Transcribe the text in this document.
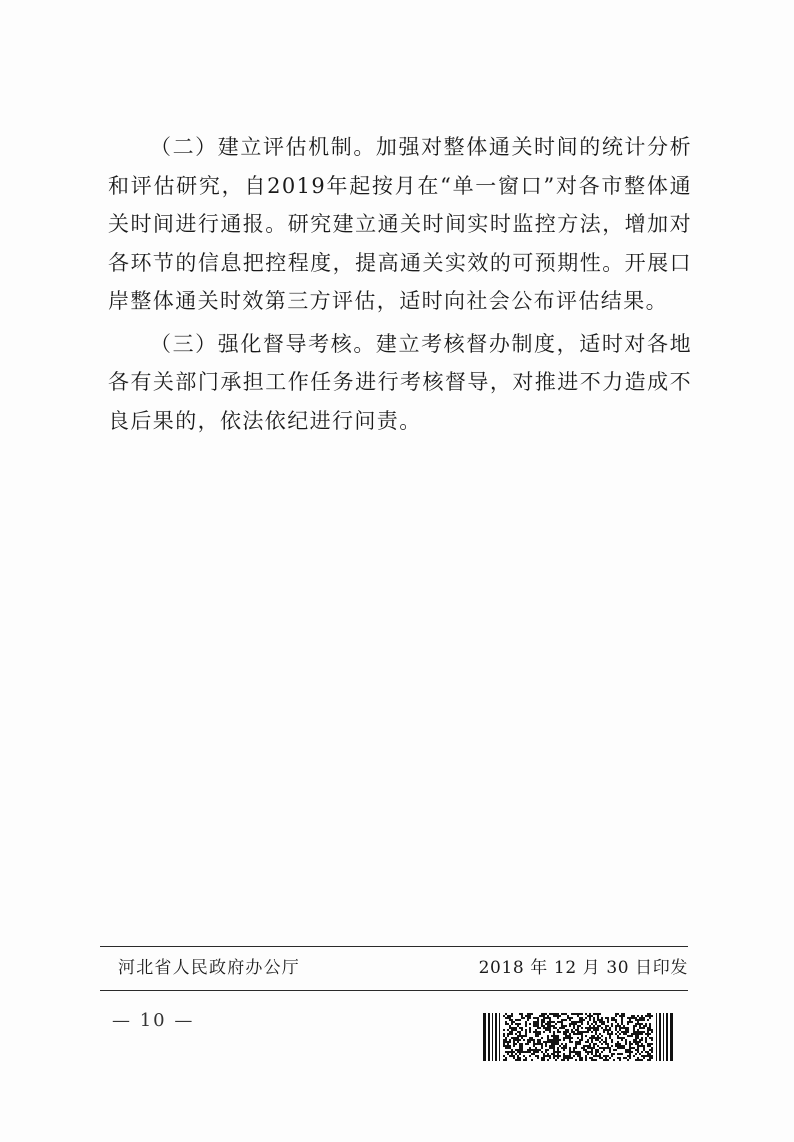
（二）建立评估机制。加强对整体通关时间的统计分析和评估研究，自2019年起按月在“单一窗口”对各市整体通关时间进行通报。研究建立通关时间实时监控方法，增加对各环节的信息把控程度，提高通关实效的可预期性。开展口岸整体通关时效第三方评估，适时向社会公布评估结果。

（三）强化督导考核。建立考核督办制度，适时对各地各有关部门承担工作任务进行考核督导，对推进不力造成不良后果的，依法依纪进行问责。

河北省人民政府办公厅	2018 年 12 月 30 日印发
— 10 —
